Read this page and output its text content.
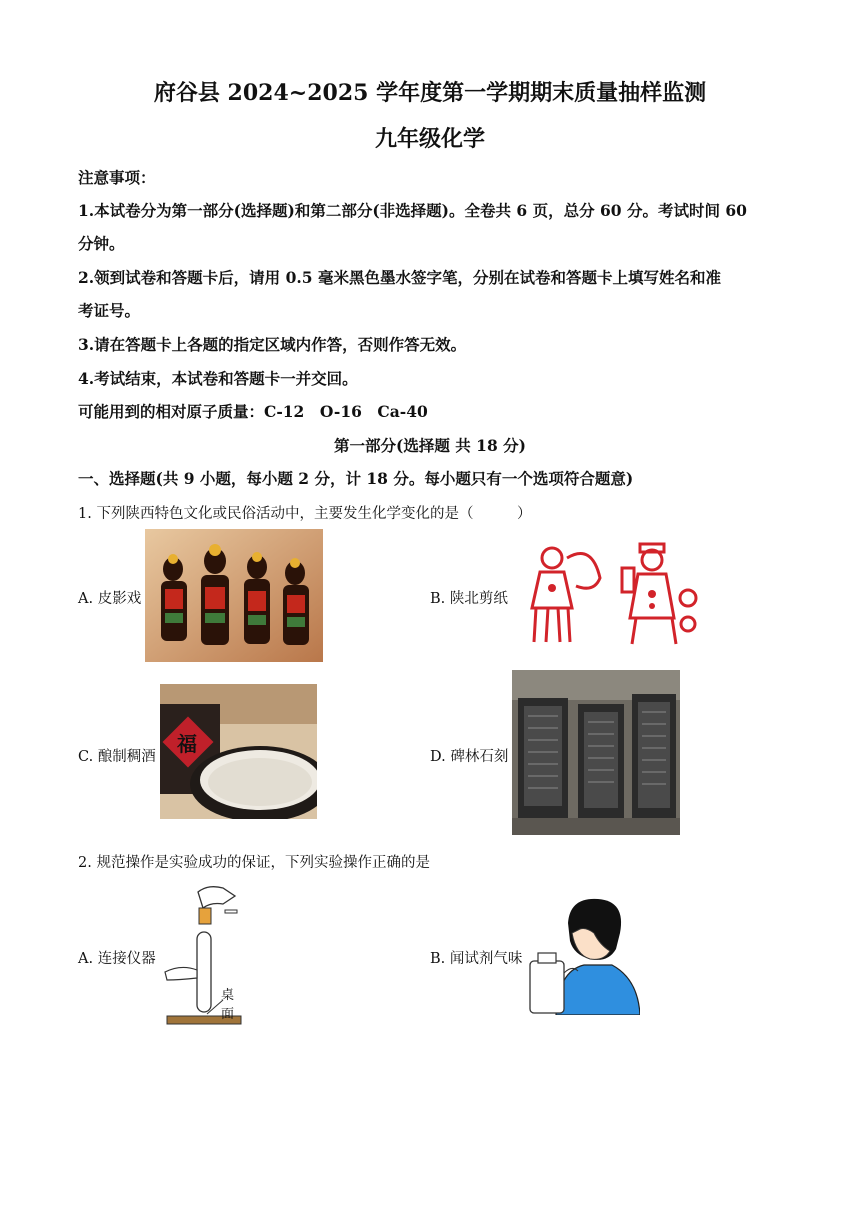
府谷县 2024~2025 学年度第一学期期末质量抽样监测
九年级化学
注意事项：
1.本试卷分为第一部分(选择题)和第二部分(非选择题)。全卷共 6 页，总分 60 分。考试时间 60
分钟。
2.领到试卷和答题卡后，请用 0.5 毫米黑色墨水签字笔，分别在试卷和答题卡上填写姓名和准
考证号。
3.请在答题卡上各题的指定区域内作答，否则作答无效。
4.考试结束，本试卷和答题卡一并交回。
可能用到的相对原子质量：C-12　O-16　Ca-40
第一部分(选择题 共 18 分)
一、选择题(共 9 小题，每小题 2 分，计 18 分。每小题只有一个选项符合题意)
1. 下列陕西特色文化或民俗活动中，主要发生化学变化的是（　　　）
A. 皮影戏	B. 陕北剪纸
C. 酿制稠酒
福
D. 碑林石刻
2. 规范操作是实验成功的保证，下列实验操作正确的是
A. 连接仪器
桌面
B. 闻试剂气味
